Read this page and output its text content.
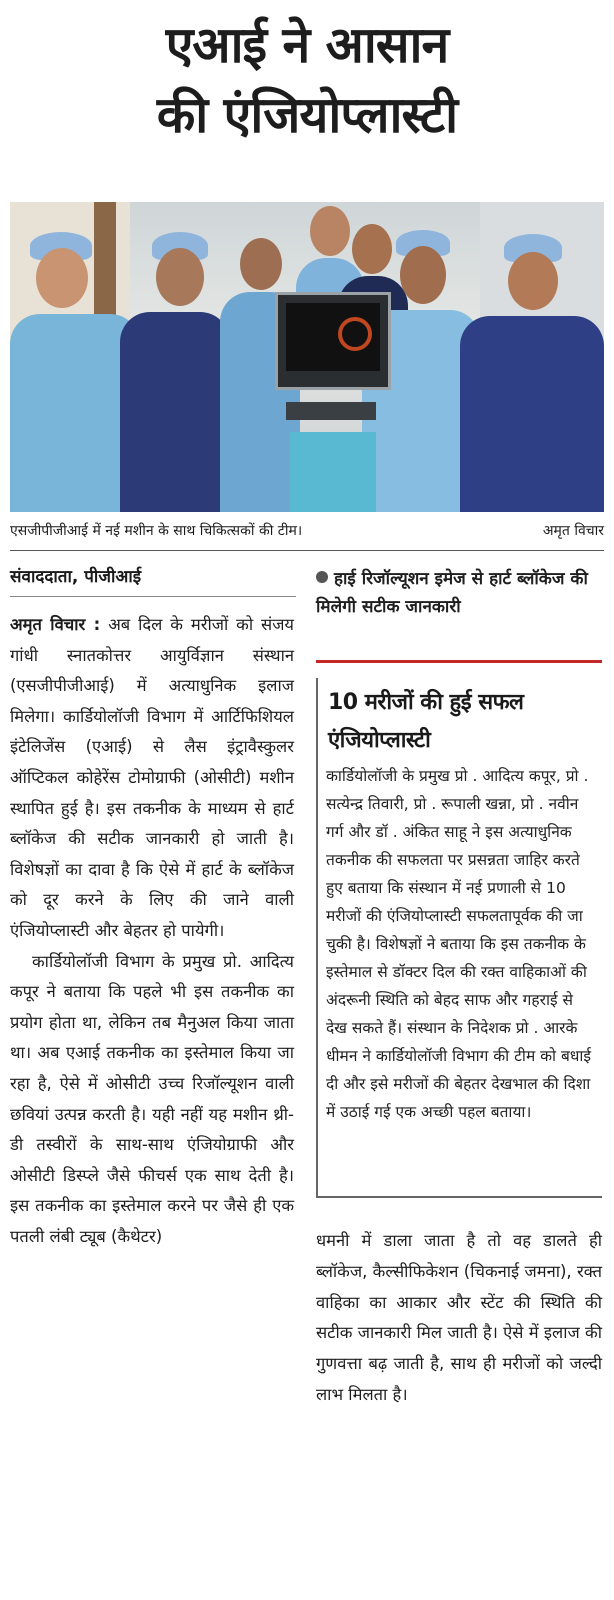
एआई ने आसान
की एंजियोप्लास्टी
एसजीपीजीआई में नई मशीन के साथ चिकित्सकों की टीम।	अमृत विचार
संवाददाता, पीजीआई

अमृत विचार : अब दिल के मरीजों को संजय गांधी स्नातकोत्तर आयुर्विज्ञान संस्थान (एसजीपीजीआई) में अत्याधुनिक इलाज मिलेगा। कार्डियोलॉजी विभाग में आर्टिफिशियल इंटेलिजेंस (एआई) से लैस इंट्रावैस्कुलर ऑप्टिकल कोहेरेंस टोमोग्राफी (ओसीटी) मशीन स्थापित हुई है। इस तकनीक के माध्यम से हार्ट ब्लॉकेज की सटीक जानकारी हो जाती है। विशेषज्ञों का दावा है कि ऐसे में हार्ट के ब्लॉकेज को दूर करने के लिए की जाने वाली एंजियोप्लास्टी और बेहतर हो पायेगी।

कार्डियोलॉजी विभाग के प्रमुख प्रो. आदित्य कपूर ने बताया कि पहले भी इस तकनीक का प्रयोग होता था, लेकिन तब मैनुअल किया जाता था। अब एआई तकनीक का इस्तेमाल किया जा रहा है, ऐसे में ओसीटी उच्च रिजॉल्यूशन वाली छवियां उत्पन्न करती है। यही नहीं यह मशीन थ्री-डी तस्वीरों के साथ-साथ एंजियोग्राफी और ओसीटी डिस्प्ले जैसे फीचर्स एक साथ देती है। इस तकनीक का इस्तेमाल करने पर जैसे ही एक पतली लंबी ट्यूब (कैथेटर)

हाई रिजॉल्यूशन इमेज से हार्ट ब्लॉकेज की मिलेगी सटीक जानकारी
10 मरीजों की हुई सफल एंजियोप्लास्टी
कार्डियोलॉजी के प्रमुख प्रो . आदित्य कपूर, प्रो . सत्येन्द्र तिवारी, प्रो . रूपाली खन्ना, प्रो . नवीन गर्ग और डॉ . अंकित साहू ने इस अत्याधुनिक तकनीक की सफलता पर प्रसन्नता जाहिर करते हुए बताया कि संस्थान में नई प्रणाली से 10 मरीजों की एंजियोप्लास्टी सफलतापूर्वक की जा चुकी है। विशेषज्ञों ने बताया कि इस तकनीक के इस्तेमाल से डॉक्टर दिल की रक्त वाहिकाओं की अंदरूनी स्थिति को बेहद साफ और गहराई से देख सकते हैं। संस्थान के निदेशक प्रो . आरके धीमन ने कार्डियोलॉजी विभाग की टीम को बधाई दी और इसे मरीजों की बेहतर देखभाल की दिशा में उठाई गई एक अच्छी पहल बताया।

धमनी में डाला जाता है तो वह डालते ही ब्लॉकेज, कैल्सीफिकेशन (चिकनाई जमना), रक्त वाहिका का आकार और स्टेंट की स्थिति की सटीक जानकारी मिल जाती है। ऐसे में इलाज की गुणवत्ता बढ़ जाती है, साथ ही मरीजों को जल्दी लाभ मिलता है।
